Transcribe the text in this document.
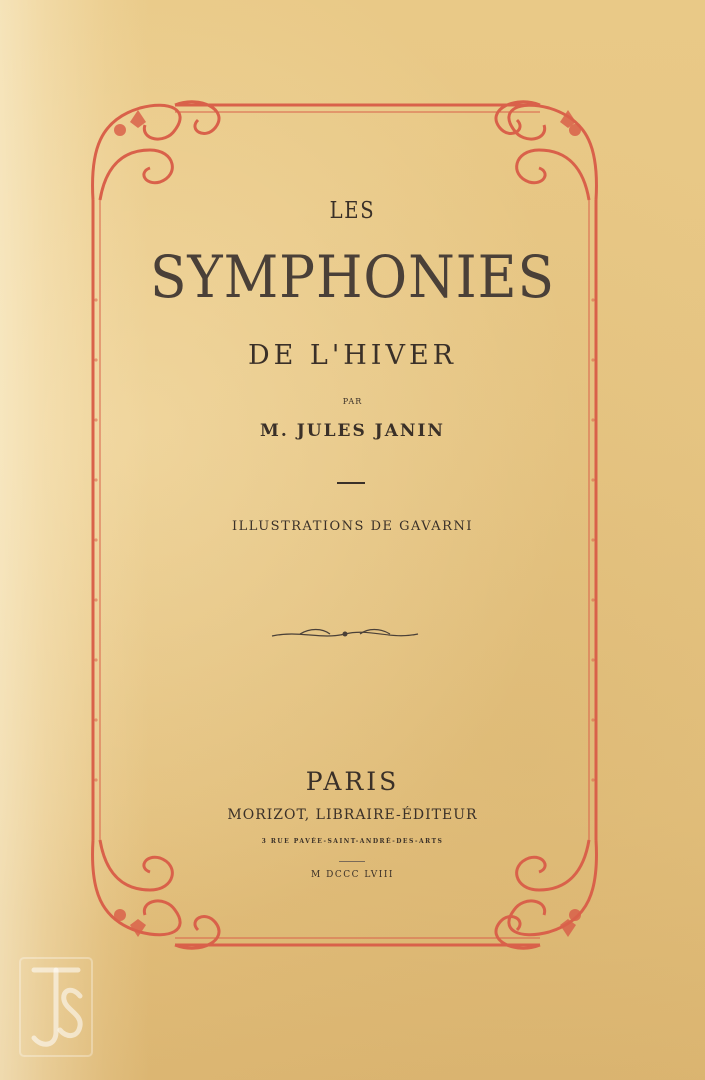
LES
SYMPHONIES
DE L'HIVER
PAR
M. JULES JANIN
ILLUSTRATIONS DE GAVARNI
PARIS
MORIZOT, LIBRAIRE-ÉDITEUR
3 RUE PAVÉE-SAINT-ANDRÉ-DES-ARTS
M DCCC LVIII
